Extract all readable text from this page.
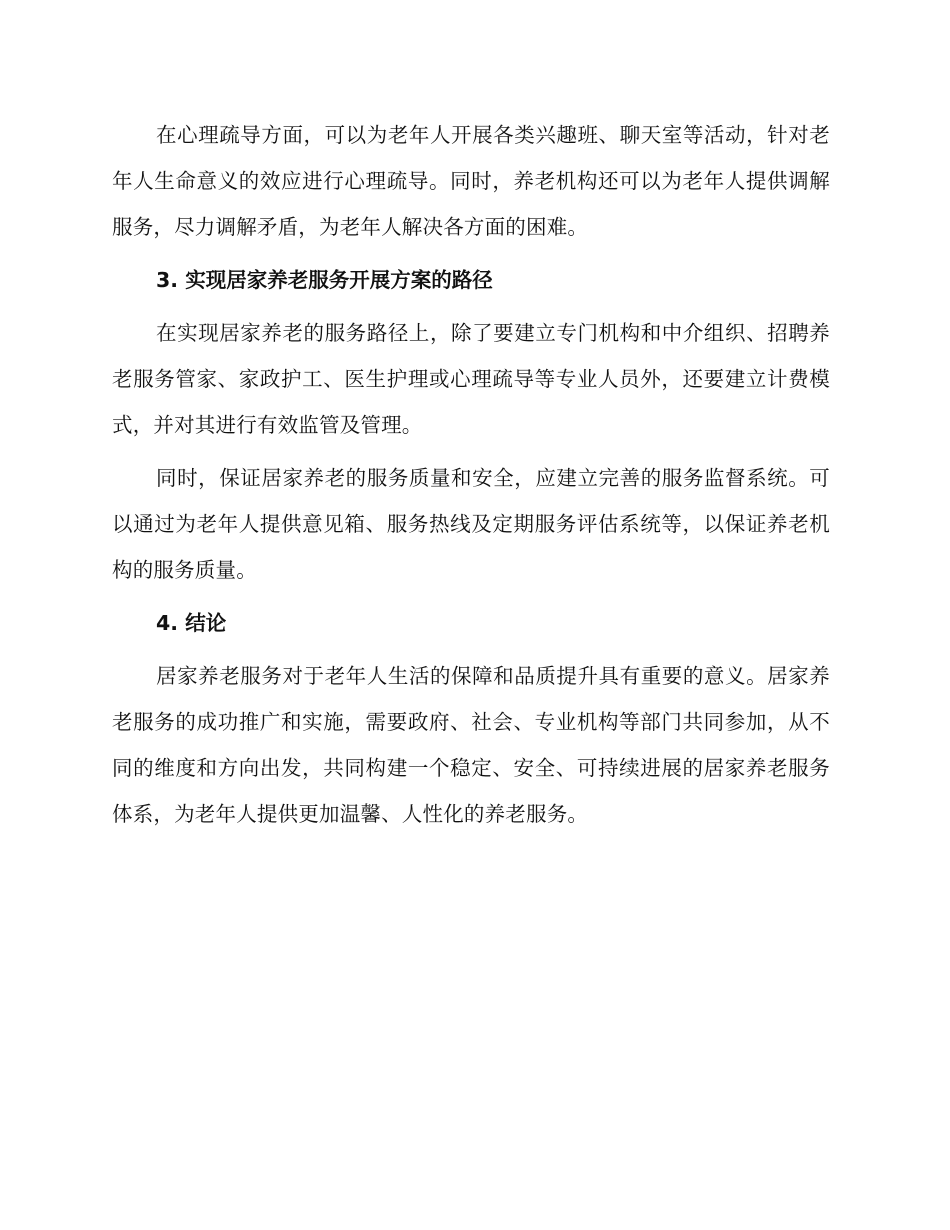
在心理疏导方面，可以为老年人开展各类兴趣班、聊天室等活动，针对老年人生命意义的效应进行心理疏导。同时，养老机构还可以为老年人提供调解服务，尽力调解矛盾，为老年人解决各方面的困难。

3. 实现居家养老服务开展方案的路径

在实现居家养老的服务路径上，除了要建立专门机构和中介组织、招聘养老服务管家、家政护工、医生护理或心理疏导等专业人员外，还要建立计费模式，并对其进行有效监管及管理。

同时，保证居家养老的服务质量和安全，应建立完善的服务监督系统。可以通过为老年人提供意见箱、服务热线及定期服务评估系统等，以保证养老机构的服务质量。

4. 结论

居家养老服务对于老年人生活的保障和品质提升具有重要的意义。居家养老服务的成功推广和实施，需要政府、社会、专业机构等部门共同参加，从不同的维度和方向出发，共同构建一个稳定、安全、可持续进展的居家养老服务体系，为老年人提供更加温馨、人性化的养老服务。
